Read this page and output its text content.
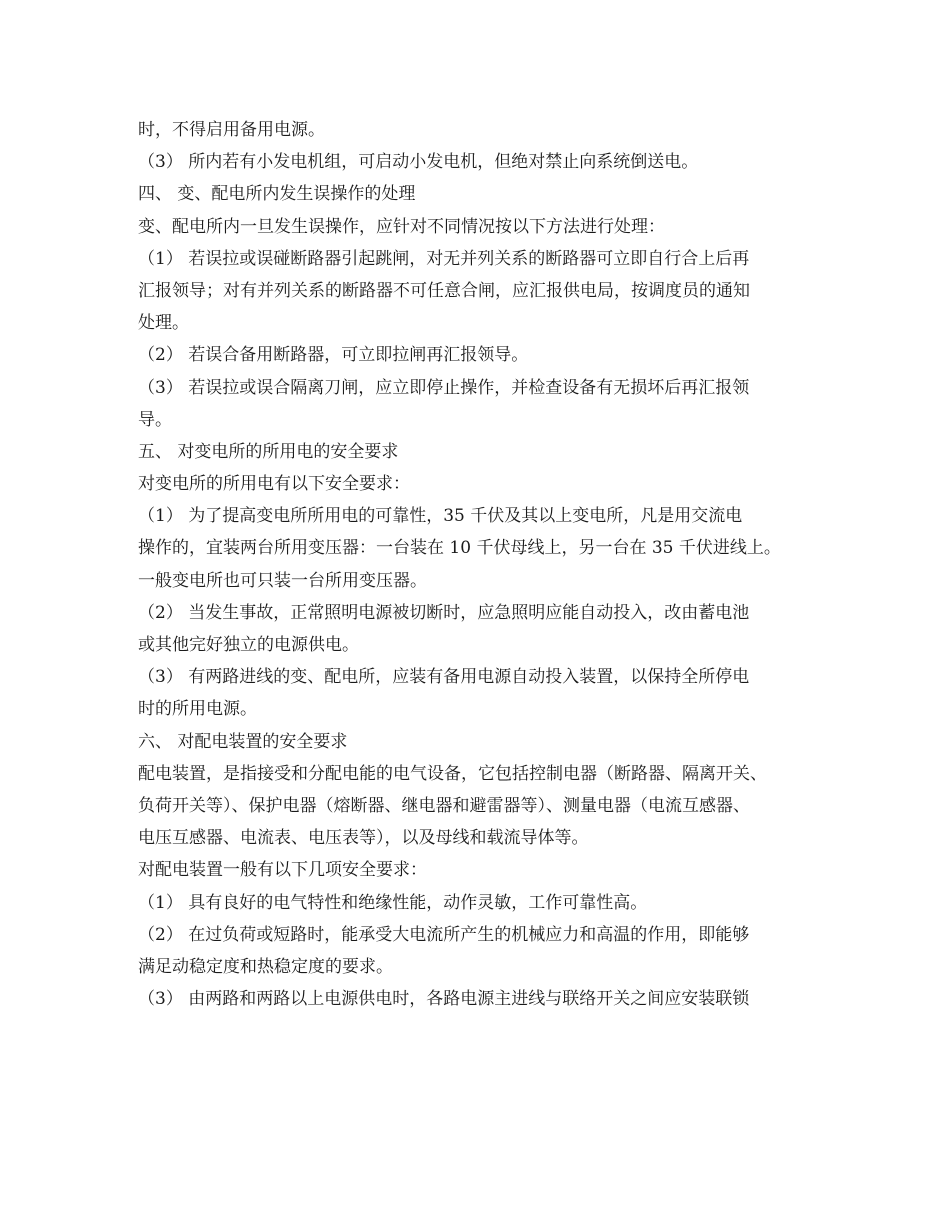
时，不得启用备用电源。
（3） 所内若有小发电机组，可启动小发电机，但绝对禁止向系统倒送电。
四、 变、配电所内发生误操作的处理
变、配电所内一旦发生误操作，应针对不同情况按以下方法进行处理：
（1） 若误拉或误碰断路器引起跳闸，对无并列关系的断路器可立即自行合上后再
汇报领导；对有并列关系的断路器不可任意合闸，应汇报供电局，按调度员的通知
处理。
（2） 若误合备用断路器，可立即拉闸再汇报领导。
（3） 若误拉或误合隔离刀闸，应立即停止操作，并检查设备有无损坏后再汇报领
导。
五、 对变电所的所用电的安全要求
对变电所的所用电有以下安全要求：
（1） 为了提高变电所所用电的可靠性，35 千伏及其以上变电所，凡是用交流电
操作的，宜装两台所用变压器：一台装在 10 千伏母线上，另一台在 35 千伏进线上。
一般变电所也可只装一台所用变压器。
（2） 当发生事故，正常照明电源被切断时，应急照明应能自动投入，改由蓄电池
或其他完好独立的电源供电。
（3） 有两路进线的变、配电所，应装有备用电源自动投入装置，以保持全所停电
时的所用电源。
六、 对配电装置的安全要求
配电装置，是指接受和分配电能的电气设备，它包括控制电器（断路器、隔离开关、
负荷开关等）、保护电器（熔断器、继电器和避雷器等）、测量电器（电流互感器、
电压互感器、电流表、电压表等），以及母线和载流导体等。
对配电装置一般有以下几项安全要求：
（1） 具有良好的电气特性和绝缘性能，动作灵敏，工作可靠性高。
（2） 在过负荷或短路时，能承受大电流所产生的机械应力和高温的作用，即能够
满足动稳定度和热稳定度的要求。
（3） 由两路和两路以上电源供电时，各路电源主进线与联络开关之间应安装联锁
